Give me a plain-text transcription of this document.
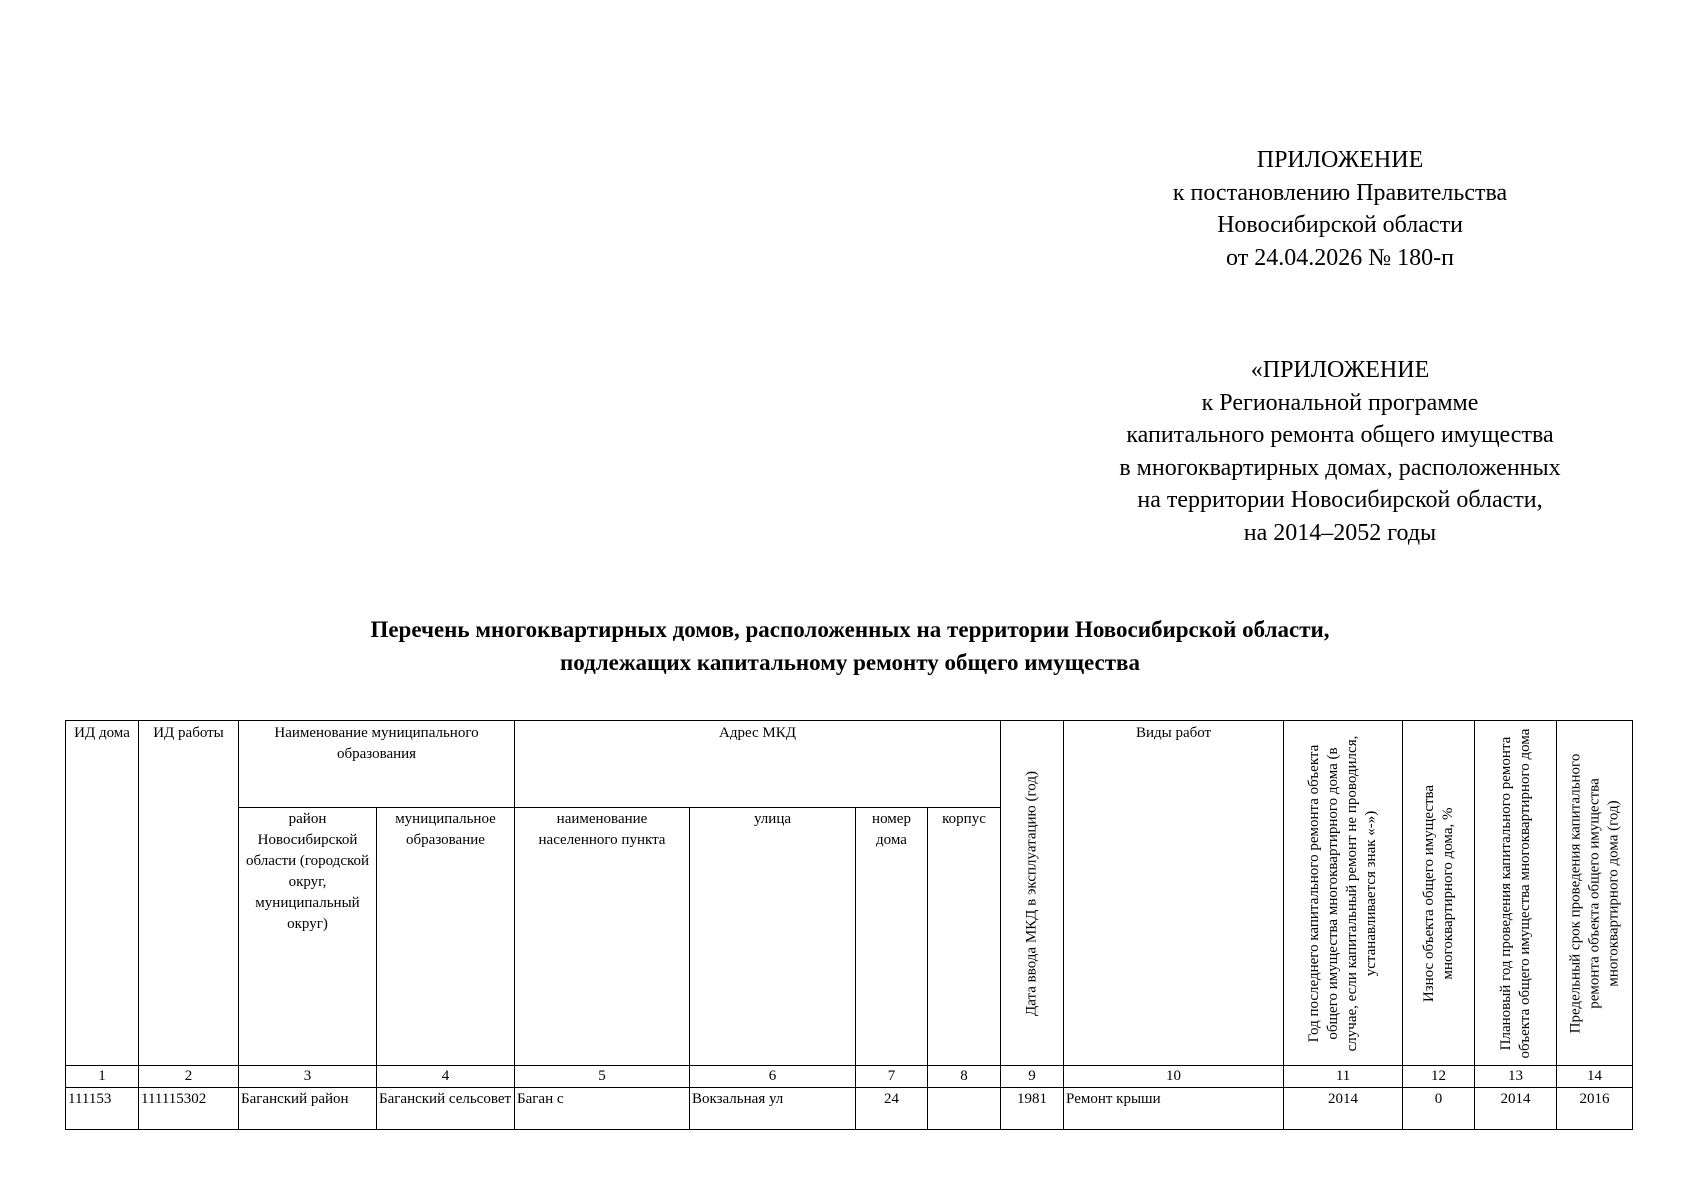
ПРИЛОЖЕНИЕ
к постановлению Правительства
Новосибирской области
от 24.04.2026 № 180-п
«ПРИЛОЖЕНИЕ
к Региональной программе
капитального ремонта общего имущества
в многоквартирных домах, расположенных
на территории Новосибирской области,
на 2014–2052 годы
Перечень многоквартирных домов, расположенных на территории Новосибирской области,
подлежащих капитальному ремонту общего имущества
ИД дома	ИД работы	Наименование муниципального образования		Адрес МКД				Дата ввода МКД в эксплуатацию (год)	Виды работ	Год последнего капитального ремонта объекта общего имущества многоквартирного дома (в случае, если капитальный ремонт не проводился, устанавливается знак «-»)	Износ объекта общего имущества многоквартирного дома, %	Плановый год проведения капитального ремонта объекта общего имущества многоквартирного дома	Предельный срок проведения капитального ремонта объекта общего имущества многоквартирного дома (год)

		район Новосибирской области (городской округ, муниципальный округ)	муниципальное образование	наименование населенного пункта	улица	номер дома	корпус						
1	2	3	4	5	6	7	8	9	10	11	12	13	14
111153	111115302	Баганский район	Баганский сельсовет	Баган с	Вокзальная ул	24		1981	Ремонт крыши	2014	0	2014	2016
